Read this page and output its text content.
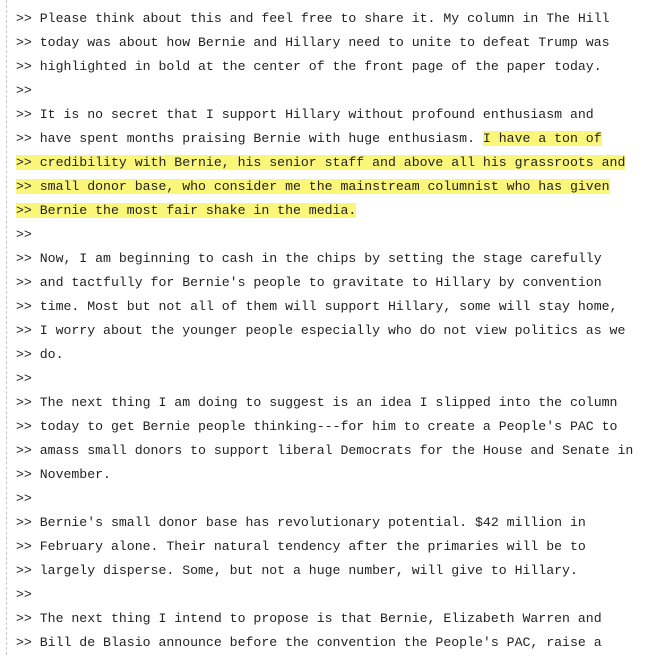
>> Please think about this and feel free to share it. My column in The Hill
>> today was about how Bernie and Hillary need to unite to defeat Trump was
>> highlighted in bold at the center of the front page of the paper today.
>>
>> It is no secret that I support Hillary without profound enthusiasm and
>> have spent months praising Bernie with huge enthusiasm. I have a ton of
>> credibility with Bernie, his senior staff and above all his grassroots and
>> small donor base, who consider me the mainstream columnist who has given
>> Bernie the most fair shake in the media.
>>
>> Now, I am beginning to cash in the chips by setting the stage carefully
>> and tactfully for Bernie's people to gravitate to Hillary by convention
>> time. Most but not all of them will support Hillary, some will stay home,
>> I worry about the younger people especially who do not view politics as we
>> do.
>>
>> The next thing I am doing to suggest is an idea I slipped into the column
>> today to get Bernie people thinking---for him to create a People's PAC to
>> amass small donors to support liberal Democrats for the House and Senate in
>> November.
>>
>> Bernie's small donor base has revolutionary potential. $42 million in
>> February alone. Their natural tendency after the primaries will be to
>> largely disperse. Some, but not a huge number, will give to Hillary.
>>
>> The next thing I intend to propose is that Bernie, Elizabeth Warren and
>> Bill de Blasio announce before the convention the People's PAC, raise a
